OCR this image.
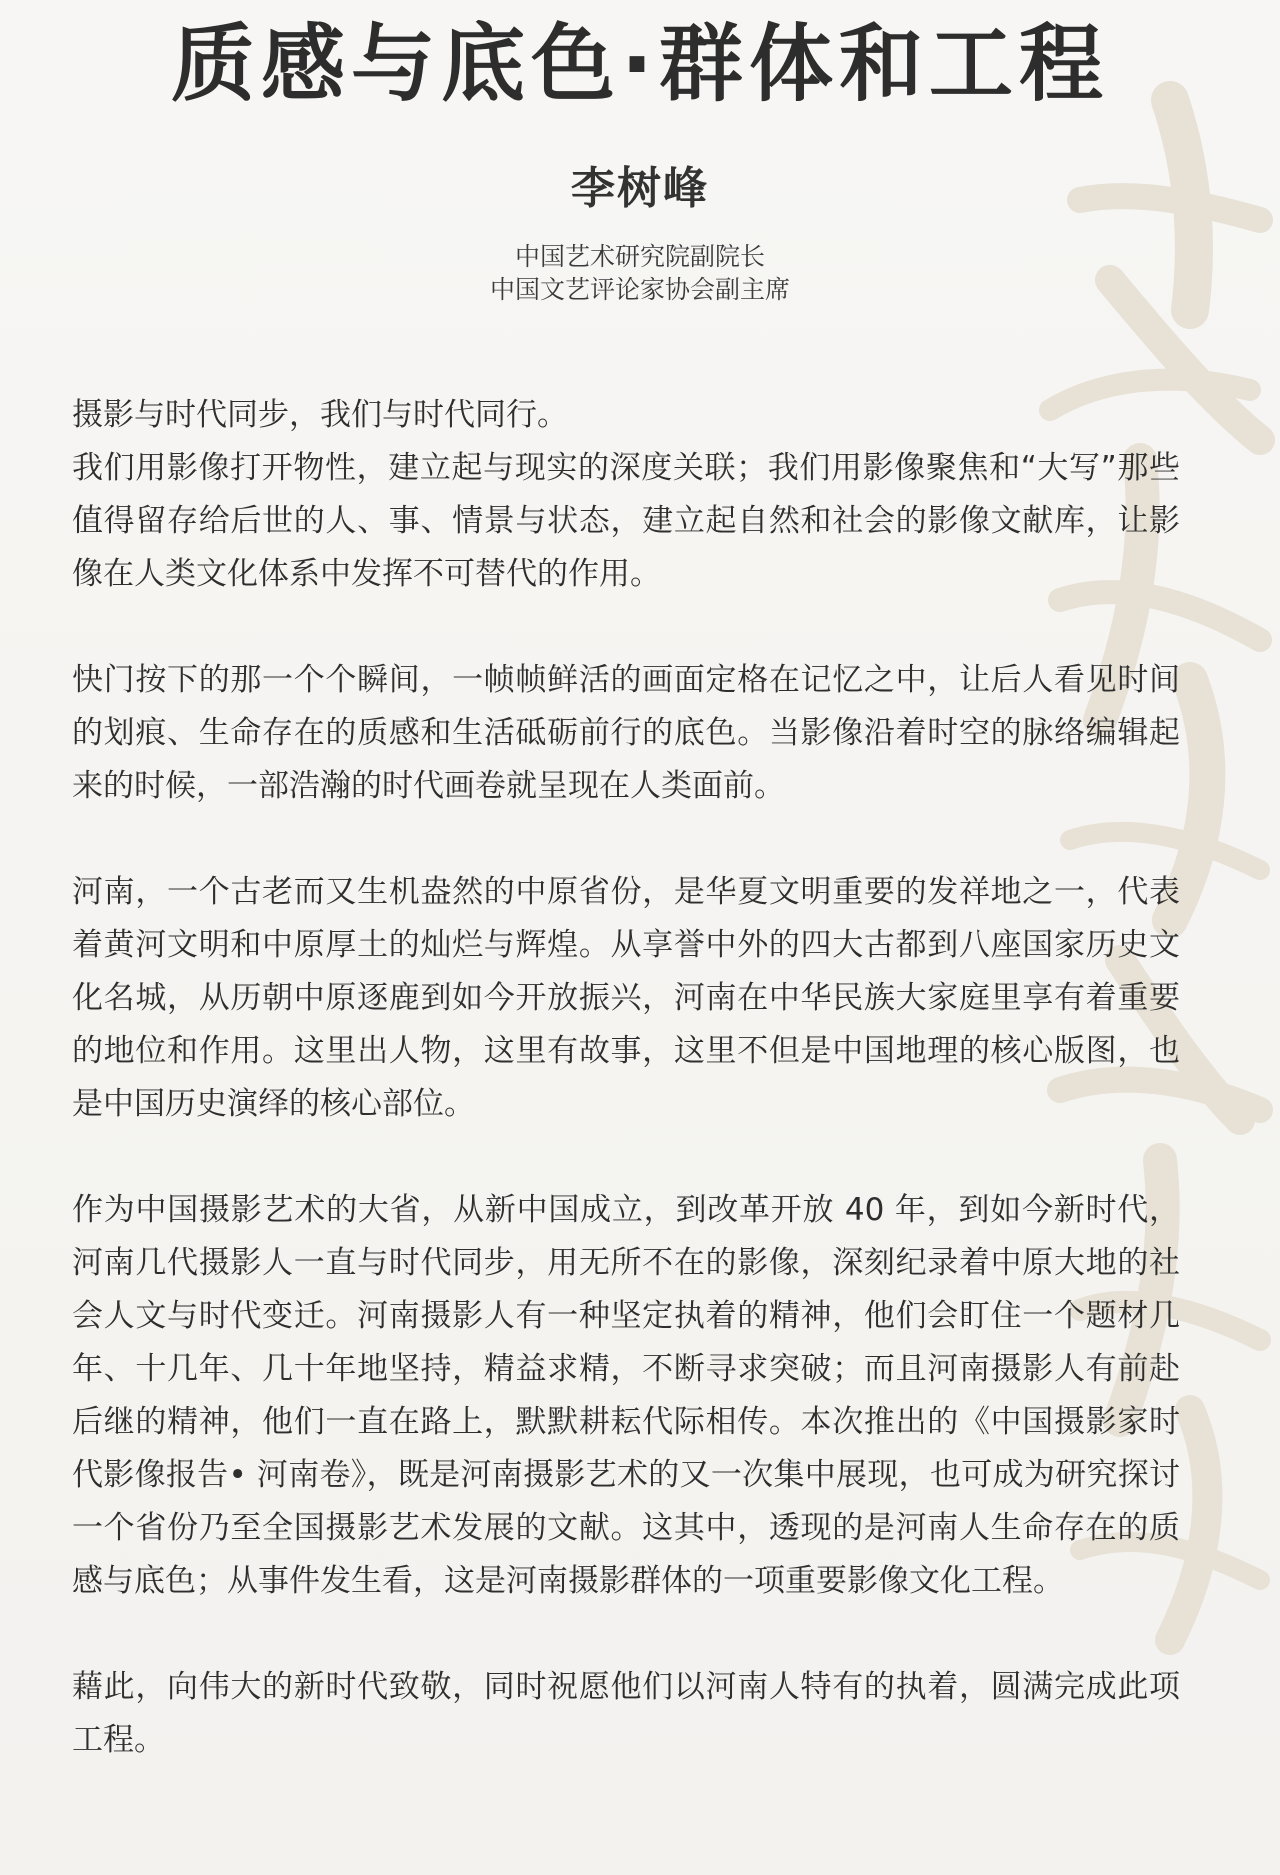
质感与底色·群体和工程
李树峰
中国艺术研究院副院长
中国文艺评论家协会副主席
摄影与时代同步，我们与时代同行。
我们用影像打开物性，建立起与现实的深度关联；我们用影像聚焦和“大写”那些值得留存给后世的人、事、情景与状态，建立起自然和社会的影像文献库，让影像在人类文化体系中发挥不可替代的作用。
快门按下的那一个个瞬间，一帧帧鲜活的画面定格在记忆之中，让后人看见时间的划痕、生命存在的质感和生活砥砺前行的底色。当影像沿着时空的脉络编辑起来的时候，一部浩瀚的时代画卷就呈现在人类面前。
河南，一个古老而又生机盎然的中原省份，是华夏文明重要的发祥地之一，代表着黄河文明和中原厚土的灿烂与辉煌。从享誉中外的四大古都到八座国家历史文化名城，从历朝中原逐鹿到如今开放振兴，河南在中华民族大家庭里享有着重要的地位和作用。这里出人物，这里有故事，这里不但是中国地理的核心版图，也是中国历史演绎的核心部位。
作为中国摄影艺术的大省，从新中国成立，到改革开放 40 年，到如今新时代，河南几代摄影人一直与时代同步，用无所不在的影像，深刻纪录着中原大地的社会人文与时代变迁。河南摄影人有一种坚定执着的精神，他们会盯住一个题材几年、十几年、几十年地坚持，精益求精，不断寻求突破；而且河南摄影人有前赴后继的精神，他们一直在路上，默默耕耘代际相传。本次推出的《中国摄影家时代影像报告• 河南卷》，既是河南摄影艺术的又一次集中展现，也可成为研究探讨一个省份乃至全国摄影艺术发展的文献。这其中，透现的是河南人生命存在的质感与底色；从事件发生看，这是河南摄影群体的一项重要影像文化工程。
藉此，向伟大的新时代致敬，同时祝愿他们以河南人特有的执着，圆满完成此项工程。
